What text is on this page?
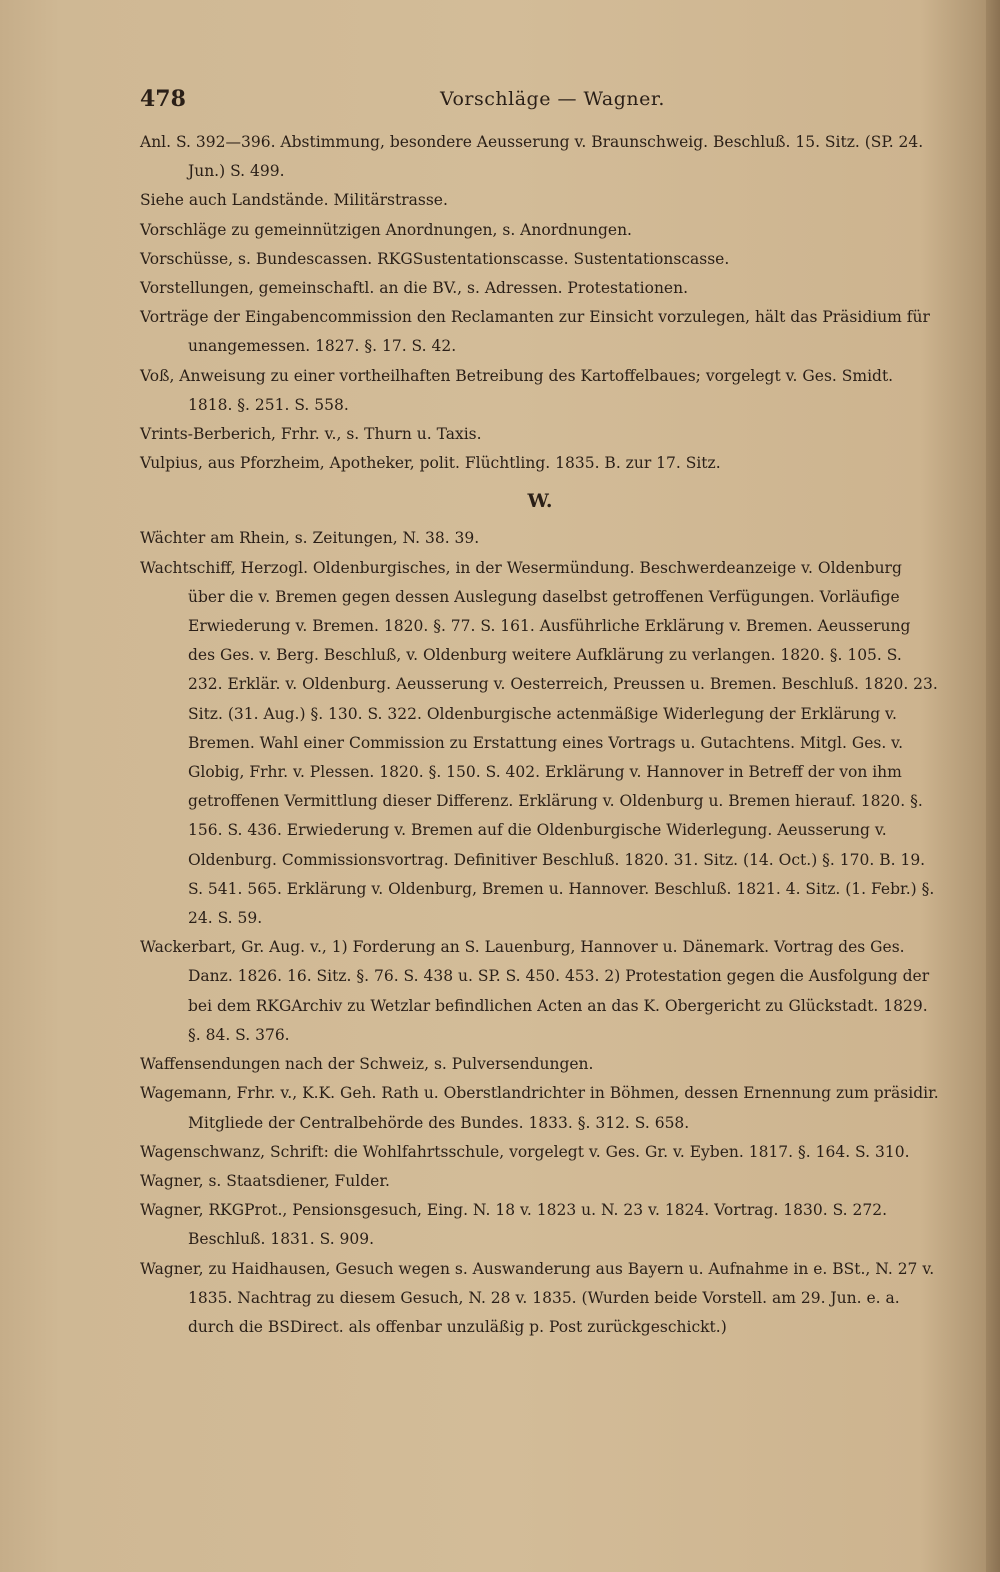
478	Vorschläge — Wagner.

Anl. S. 392—396. Abstimmung, besondere Aeusserung v. Braunschweig. Beschluß. 15. Sitz. (SP. 24. Jun.) S. 499.

Siehe auch Landstände. Militärstrasse.

Vorschläge zu gemeinnützigen Anordnungen, s. Anordnungen.

Vorschüsse, s. Bundescassen. RKGSustentationscasse. Sustentationscasse.

Vorstellungen, gemeinschaftl. an die BV., s. Adressen. Protestationen.

Vorträge der Eingabencommission den Reclamanten zur Einsicht vorzulegen, hält das Präsidium für unangemessen. 1827. §. 17. S. 42.

Voß, Anweisung zu einer vortheilhaften Betreibung des Kartoffelbaues; vorgelegt v. Ges. Smidt. 1818. §. 251. S. 558.

Vrints-Berberich, Frhr. v., s. Thurn u. Taxis.

Vulpius, aus Pforzheim, Apotheker, polit. Flüchtling. 1835. B. zur 17. Sitz.

W.

Wächter am Rhein, s. Zeitungen, N. 38. 39.

Wachtschiff, Herzogl. Oldenburgisches, in der Wesermündung. Beschwerdeanzeige v. Oldenburg über die v. Bremen gegen dessen Auslegung daselbst getroffenen Verfügungen. Vorläufige Erwiederung v. Bremen. 1820. §. 77. S. 161. Ausführliche Erklärung v. Bremen. Aeusserung des Ges. v. Berg. Beschluß, v. Oldenburg weitere Aufklärung zu verlangen. 1820. §. 105. S. 232. Erklär. v. Oldenburg. Aeusserung v. Oesterreich, Preussen u. Bremen. Beschluß. 1820. 23. Sitz. (31. Aug.) §. 130. S. 322. Oldenburgische actenmäßige Widerlegung der Erklärung v. Bremen. Wahl einer Commission zu Erstattung eines Vortrags u. Gutachtens. Mitgl. Ges. v. Globig, Frhr. v. Plessen. 1820. §. 150. S. 402. Erklärung v. Hannover in Betreff der von ihm getroffenen Vermittlung dieser Differenz. Erklärung v. Oldenburg u. Bremen hierauf. 1820. §. 156. S. 436. Erwiederung v. Bremen auf die Oldenburgische Widerlegung. Aeusserung v. Oldenburg. Commissionsvortrag. Definitiver Beschluß. 1820. 31. Sitz. (14. Oct.) §. 170. B. 19. S. 541. 565. Erklärung v. Oldenburg, Bremen u. Hannover. Beschluß. 1821. 4. Sitz. (1. Febr.) §. 24. S. 59.

Wackerbart, Gr. Aug. v., 1) Forderung an S. Lauenburg, Hannover u. Dänemark. Vortrag des Ges. Danz. 1826. 16. Sitz. §. 76. S. 438 u. SP. S. 450. 453. 2) Protestation gegen die Ausfolgung der bei dem RKGArchiv zu Wetzlar befindlichen Acten an das K. Obergericht zu Glückstadt. 1829. §. 84. S. 376.

Waffensendungen nach der Schweiz, s. Pulversendungen.

Wagemann, Frhr. v., K.K. Geh. Rath u. Oberstlandrichter in Böhmen, dessen Ernennung zum präsidir. Mitgliede der Centralbehörde des Bundes. 1833. §. 312. S. 658.

Wagenschwanz, Schrift: die Wohlfahrtsschule, vorgelegt v. Ges. Gr. v. Eyben. 1817. §. 164. S. 310.

Wagner, s. Staatsdiener, Fulder.

Wagner, RKGProt., Pensionsgesuch, Eing. N. 18 v. 1823 u. N. 23 v. 1824. Vortrag. 1830. S. 272. Beschluß. 1831. S. 909.

Wagner, zu Haidhausen, Gesuch wegen s. Auswanderung aus Bayern u. Aufnahme in e. BSt., N. 27 v. 1835. Nachtrag zu diesem Gesuch, N. 28 v. 1835. (Wurden beide Vorstell. am 29. Jun. e. a. durch die BSDirect. als offenbar unzuläßig p. Post zurückgeschickt.)
